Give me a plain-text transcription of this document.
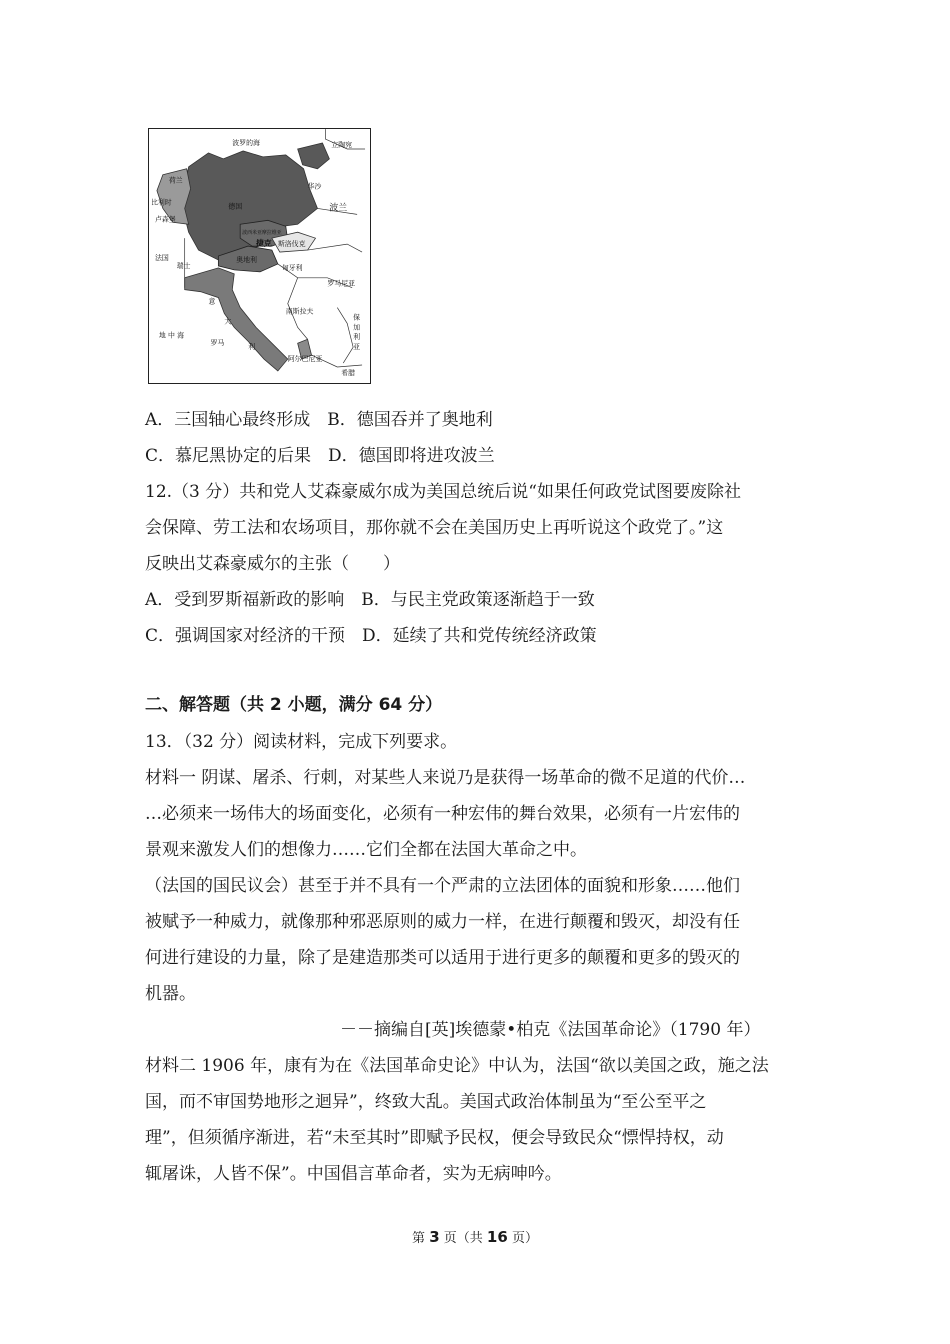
波罗的海	立陶宛
华沙
波兰
荷兰
比利时
卢森堡
德国
波西米亚摩拉维亚
捷克 斯洛伐克
法国
瑞士
奥地利
匈牙利
罗马尼亚
意
大
利
南斯拉夫
保
加
利
亚
地 中 海
罗马
阿尔巴尼亚
希腊
A．三国轴心最终形成　B．德国吞并了奥地利
C．慕尼黑协定的后果　D．德国即将进攻波兰
12.（3 分）共和党人艾森豪威尔成为美国总统后说“如果任何政党试图要废除社
会保障、劳工法和农场项目，那你就不会在美国历史上再听说这个政党了。”这
反映出艾森豪威尔的主张（　　）
A．受到罗斯福新政的影响　B．与民主党政策逐渐趋于一致
C．强调国家对经济的干预　D．延续了共和党传统经济政策
二、解答题（共 2 小题，满分 64 分）
13．（32 分）阅读材料，完成下列要求。
材料一 阴谋、屠杀、行刺，对某些人来说乃是获得一场革命的微不足道的代价…
…必须来一场伟大的场面变化，必须有一种宏伟的舞台效果，必须有一片宏伟的
景观来激发人们的想像力……它们全都在法国大革命之中。
（法国的国民议会）甚至于并不具有一个严肃的立法团体的面貌和形象……他们
被赋予一种威力，就像那种邪恶原则的威力一样，在进行颠覆和毁灭，却没有任
何进行建设的力量，除了是建造那类可以适用于进行更多的颠覆和更多的毁灭的
机器。
－－摘编自[英]埃德蒙•柏克《法国革命论》（1790 年）
材料二 1906 年，康有为在《法国革命史论》中认为，法国“欲以美国之政，施之法
国，而不审国势地形之迴异”，终致大乱。美国式政治体制虽为“至公至平之
理”，但须循序渐进，若“未至其时”即赋予民权，便会导致民众“慓悍持权，动
辄屠诛，人皆不保”。中国倡言革命者，实为无病呻吟。
第 3 页（共 16 页）
